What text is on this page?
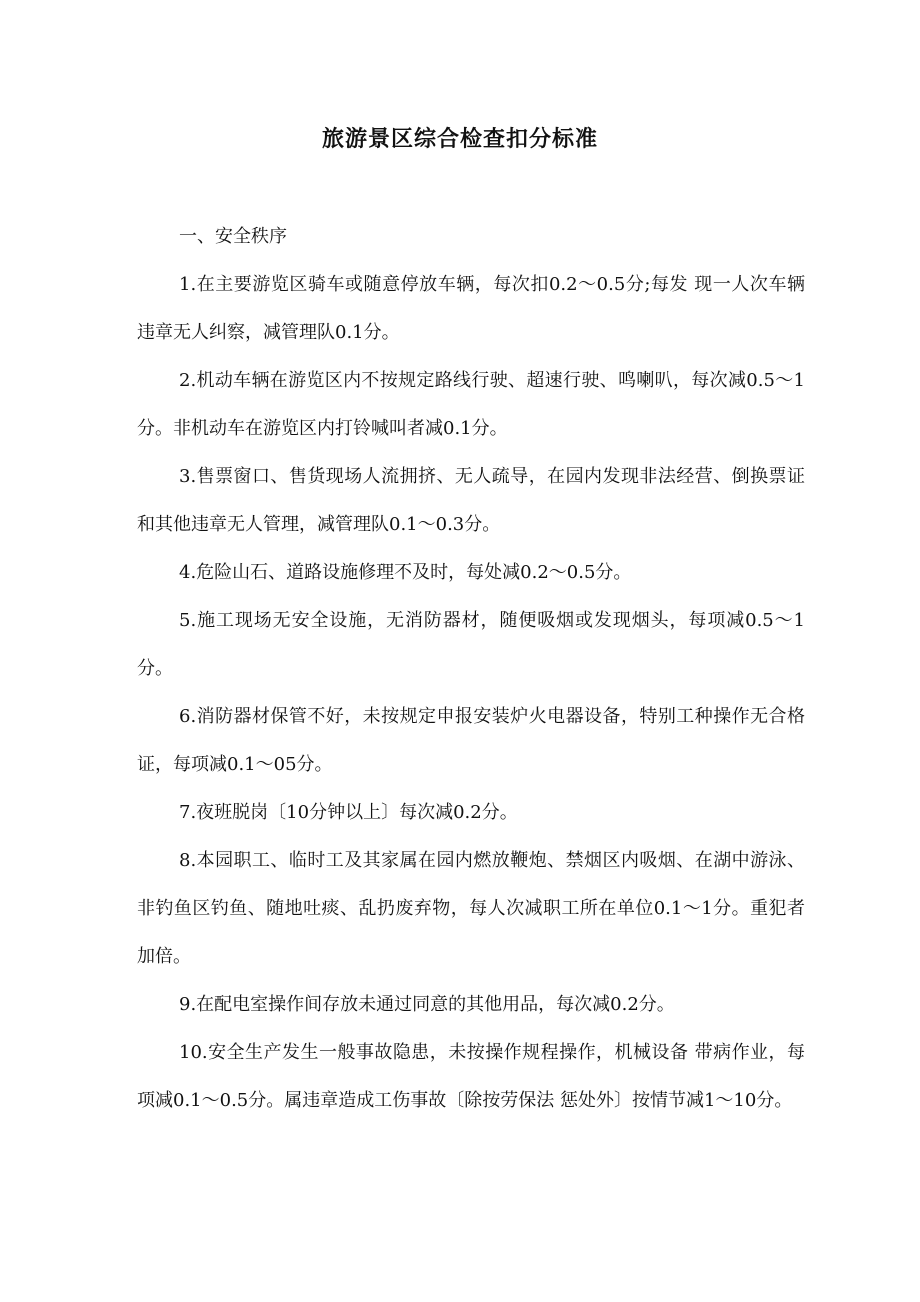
旅游景区综合检查扣分标准

一、安全秩序

1.在主要游览区骑车或随意停放车辆，每次扣0.2～0.5分;每发 现一人次车辆违章无人纠察，减管理队0.1分。

2.机动车辆在游览区内不按规定路线行驶、超速行驶、鸣喇叭，每次减0.5～1分。非机动车在游览区内打铃喊叫者减0.1分。

3.售票窗口、售货现场人流拥挤、无人疏导，在园内发现非法经营、倒换票证和其他违章无人管理，减管理队0.1～0.3分。

4.危险山石、道路设施修理不及时，每处减0.2～0.5分。

5.施工现场无安全设施，无消防器材，随便吸烟或发现烟头，每项减0.5～1分。

6.消防器材保管不好，未按规定申报安装炉火电器设备，特别工种操作无合格证，每项减0.1～05分。

7.夜班脱岗〔10分钟以上〕每次减0.2分。

8.本园职工、临时工及其家属在园内燃放鞭炮、禁烟区内吸烟、在湖中游泳、非钓鱼区钓鱼、随地吐痰、乱扔废弃物，每人次减职工所在单位0.1～1分。重犯者加倍。

9.在配电室操作间存放未通过同意的其他用品，每次减0.2分。

10.安全生产发生一般事故隐患，未按操作规程操作，机械设备 带病作业，每项减0.1～0.5分。属违章造成工伤事故〔除按劳保法 惩处外〕按情节减1～10分。
